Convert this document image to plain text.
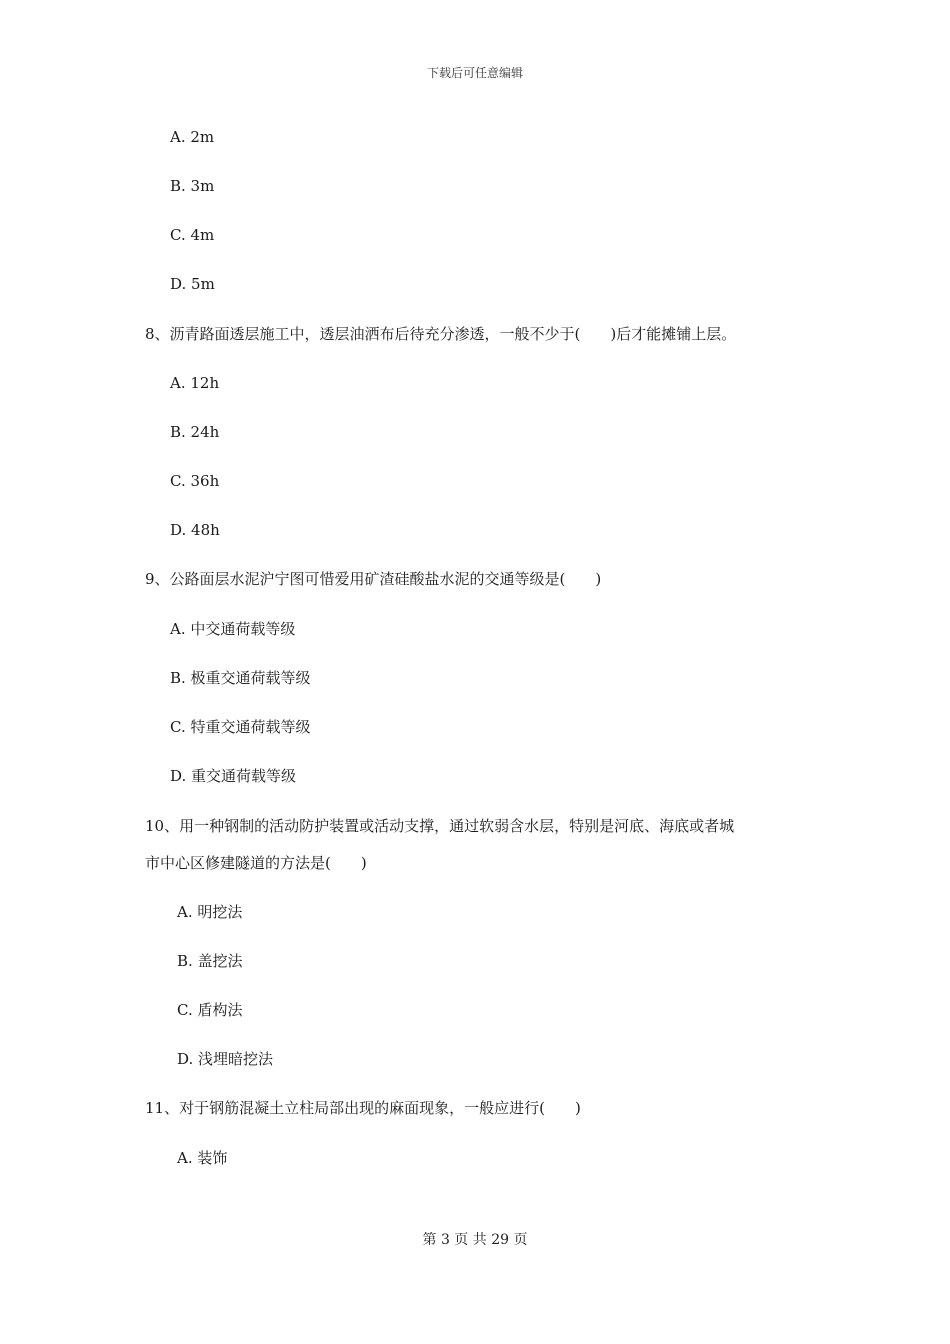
下载后可任意编辑
A. 2m
B. 3m
C. 4m
D. 5m
8、沥青路面透层施工中，透层油洒布后待充分渗透，一般不少于(　　)后才能摊铺上层。
A. 12h
B. 24h
C. 36h
D. 48h
9、公路面层水泥沪宁图可惜爱用矿渣硅酸盐水泥的交通等级是(　　)
A. 中交通荷载等级
B. 极重交通荷载等级
C. 特重交通荷载等级
D. 重交通荷载等级
10、用一种钢制的活动防护装置或活动支撑，通过软弱含水层，特别是河底、海底或者城
市中心区修建隧道的方法是(　　)
A. 明挖法
B. 盖挖法
C. 盾构法
D. 浅埋暗挖法
11、对于钢筋混凝土立柱局部出现的麻面现象，一般应进行(　　)
A. 装饰
第 3 页 共 29 页
